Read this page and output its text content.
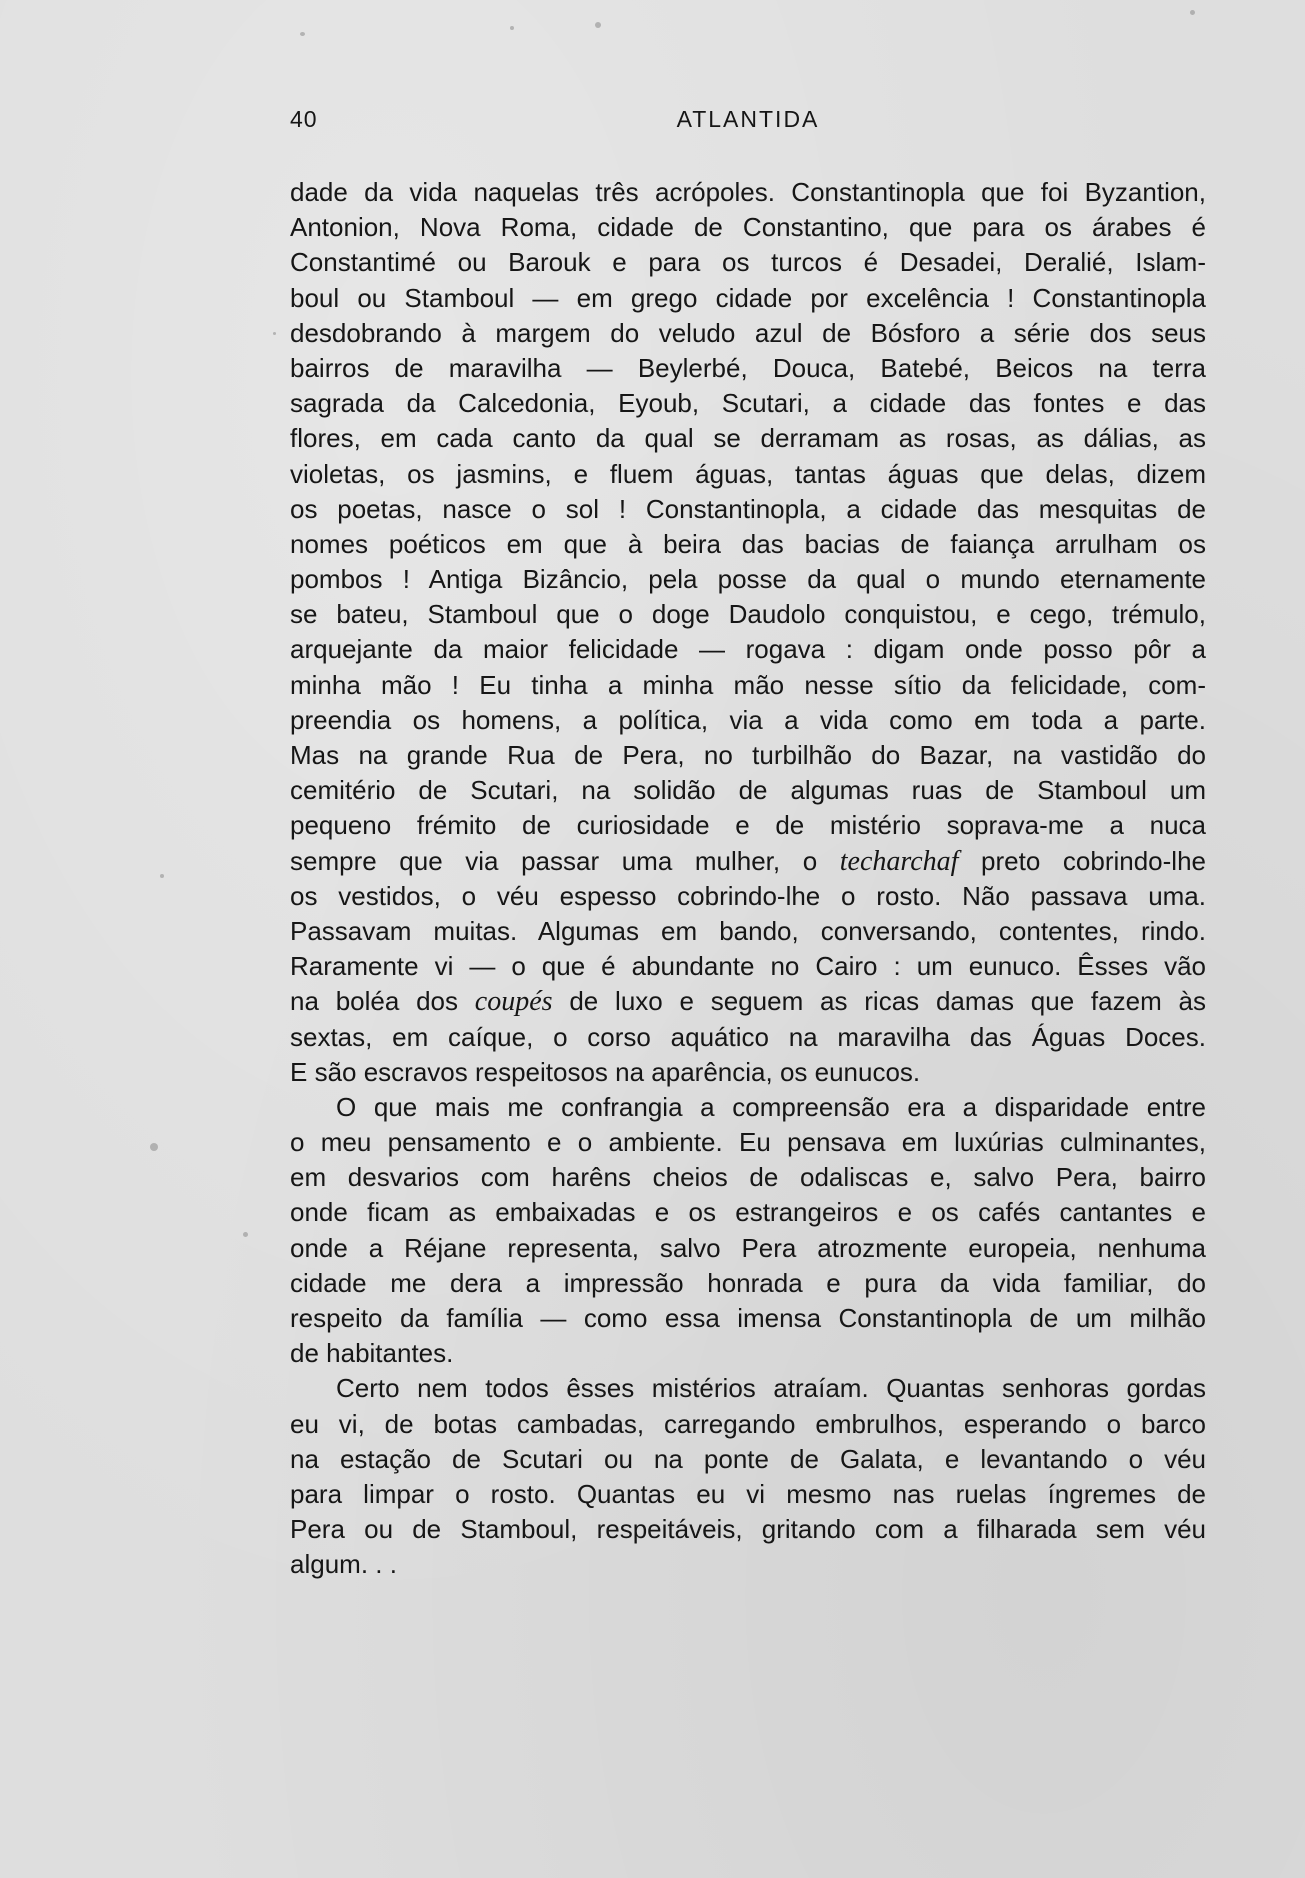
40	ATLANTIDA
dade da vida naquelas três acrópoles. Constantinopla que foi Byzantion,
Antonion, Nova Roma, cidade de Constantino, que para os árabes é
Constantimé ou Barouk e para os turcos é Desadei, Deralié, Islam-
boul ou Stamboul — em grego cidade por excelência ! Constantinopla
desdobrando à margem do veludo azul de Bósforo a série dos seus
bairros de maravilha — Beylerbé, Douca, Batebé, Beicos na terra
sagrada da Calcedonia, Eyoub, Scutari, a cidade das fontes e das
flores, em cada canto da qual se derramam as rosas, as dálias, as
violetas, os jasmins, e fluem águas, tantas águas que delas, dizem
os poetas, nasce o sol ! Constantinopla, a cidade das mesquitas de
nomes poéticos em que à beira das bacias de faiança arrulham os
pombos ! Antiga Bizâncio, pela posse da qual o mundo eternamente
se bateu, Stamboul que o doge Daudolo conquistou, e cego, trémulo,
arquejante da maior felicidade — rogava : digam onde posso pôr a
minha mão ! Eu tinha a minha mão nesse sítio da felicidade, com-
preendia os homens, a política, via a vida como em toda a parte.
Mas na grande Rua de Pera, no turbilhão do Bazar, na vastidão do
cemitério de Scutari, na solidão de algumas ruas de Stamboul um
pequeno frémito de curiosidade e de mistério soprava-me a nuca
sempre que via passar uma mulher, o techarchaf preto cobrindo-lhe
os vestidos, o véu espesso cobrindo-lhe o rosto. Não passava uma.
Passavam muitas. Algumas em bando, conversando, contentes, rindo.
Raramente vi — o que é abundante no Cairo : um eunuco. Êsses vão
na boléa dos coupés de luxo e seguem as ricas damas que fazem às
sextas, em caíque, o corso aquático na maravilha das Águas Doces.
E são escravos respeitosos na aparência, os eunucos.
O que mais me confrangia a compreensão era a disparidade entre
o meu pensamento e o ambiente. Eu pensava em luxúrias culminantes,
em desvarios com harêns cheios de odaliscas e, salvo Pera, bairro
onde ficam as embaixadas e os estrangeiros e os cafés cantantes e
onde a Réjane representa, salvo Pera atrozmente europeia, nenhuma
cidade me dera a impressão honrada e pura da vida familiar, do
respeito da família — como essa imensa Constantinopla de um milhão
de habitantes.
Certo nem todos êsses mistérios atraíam. Quantas senhoras gordas
eu vi, de botas cambadas, carregando embrulhos, esperando o barco
na estação de Scutari ou na ponte de Galata, e levantando o véu
para limpar o rosto. Quantas eu vi mesmo nas ruelas íngremes de
Pera ou de Stamboul, respeitáveis, gritando com a filharada sem véu
algum. . .
